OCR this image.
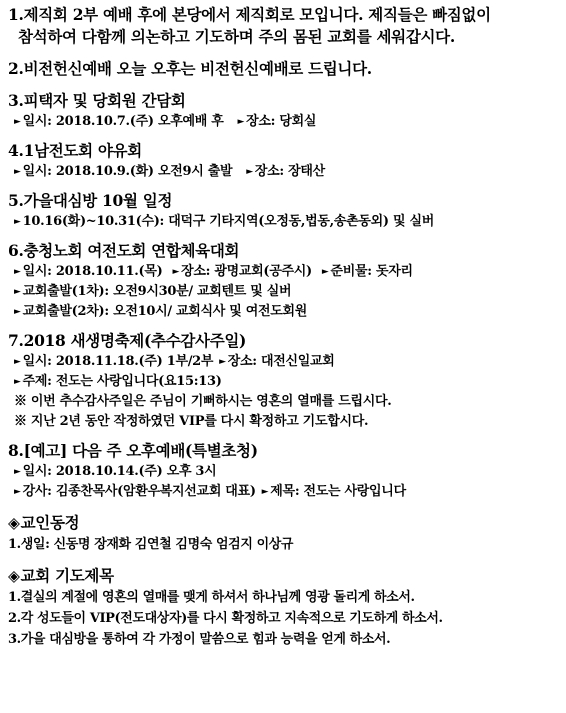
1.제직회 2부 예배 후에 본당에서 제직회로 모입니다. 제직들은 빠짐없이
참석하여 다함께 의논하고 기도하며 주의 몸된 교회를 세워갑시다.
2.비전헌신예배 오늘 오후는 비전헌신예배로 드립니다.
3.피택자 및 당회원 간담회
► 일시: 2018.10.7.(주) 오후예배 후 ► 장소: 당회실
4.1남전도회 야유회
► 일시: 2018.10.9.(화) 오전9시 출발 ► 장소: 장태산
5.가을대심방 10월 일정
► 10.16(화)~10.31(수): 대덕구 기타지역(오정동,법동,송촌동외) 및 실버
6.충청노회 여전도회 연합체육대회
► 일시: 2018.10.11.(목) ► 장소: 광명교회(공주시) ► 준비물: 돗자리
► 교회출발(1차): 오전9시30분/ 교회텐트 및 실버
► 교회출발(2차): 오전10시/ 교회식사 및 여전도회원
7.2018 새생명축제(추수감사주일)
► 일시: 2018.11.18.(주) 1부/2부 ► 장소: 대전신일교회
► 주제: 전도는 사랑입니다(요15:13)
※ 이번 추수감사주일은 주님이 기뻐하시는 영혼의 열매를 드립시다.
※ 지난 2년 동안 작정하였던 VIP를 다시 확정하고 기도합시다.
8.[예고] 다음 주 오후예배(특별초청)
► 일시: 2018.10.14.(주) 오후 3시
► 강사: 김종찬목사(암환우복지선교회 대표) ► 제목: 전도는 사랑입니다
◈교인동정
1.생일: 신동명 장재화 김연철 김명숙 엄검지 이상규
◈교회 기도제목
1.결실의 계절에 영혼의 열매를 맺게 하셔서 하나님께 영광 돌리게 하소서.
2.각 성도들이 VIP(전도대상자)를 다시 확정하고 지속적으로 기도하게 하소서.
3.가을 대심방을 통하여 각 가정이 말씀으로 힘과 능력을 얻게 하소서.
